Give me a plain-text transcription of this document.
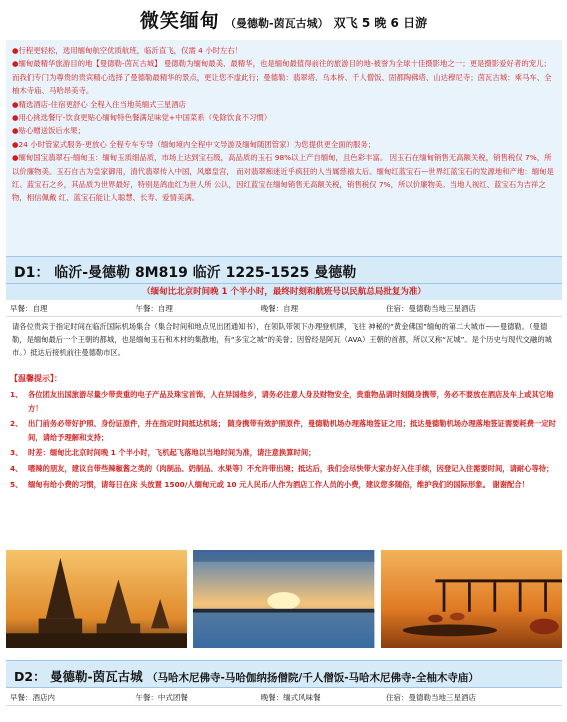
微笑缅甸 （曼德勒-茵瓦古城） 双飞 5 晚 6 日游

●行程更轻松，选用缅甸航空优质航班，临沂直飞，仅需 4 小时左右！

●缅甸最精华旅游目的地【曼德勒-茵瓦古城】 曼德勒为缅甸最美、最精华，也是缅甸最值得前往的旅游目的地-被誉为全球十佳摄影地之一；更是摄影爱好者的宠儿；而我们专门为尊贵的贵宾精心选择了曼德勒最精华的景点，更让您不虚此行；曼德勒：翡翠塔、乌本桥、千人僧饭、固都陶佛塔、山达穆尼寺；茵瓦古城：乘马车、全柚木寺庙、马哈昂美寺。

●精选酒店-住宿更舒心 全程入住当地英缅式三星酒店

●用心挑选餐厅-饮食更贴心缅甸特色餐满足味觉+中国菜系（免除饮食不习惯）

●贴心赠送饭后水果；

●24 小时管家式服务-更放心 全程专车专导（缅甸境内全程中文导游及缅甸随团管家）为您提供更全面的服务；

●缅甸国宝翡翠石-缅甸玉：缅甸玉质细品质，市场上达到宝石级，高品质的玉石 98%以上产自缅甸，且色彩丰富。 因玉石在缅甸销售无高额关税，销售税仅 7%，所以价廉物美。玉石自古为皇家御用，清代翡翠传入中国，风靡皇宫， 而对翡翠痴迷近乎疯狂的人当属慈禧太后。缅甸红蓝宝石—世界红蓝宝石的发源地和产地：缅甸是红、蓝宝石之乡，其品质为世界最好，特别是鸽血红为世人所 公认，因红蓝宝在缅甸销售无高额关税，销售税仅 7%，所以价廉物美。当地人视红、蓝宝石为吉祥之物，相信佩戴 红、蓝宝石能让人聪慧、长寿、爱情美满。

D1： 临沂-曼德勒 8M819 临沂 1225-1525 曼德勒
（缅甸比北京时间晚 1 个半小时，最终时刻和航班号以民航总局批复为准）
早餐：自理	午餐：自理	晚餐：自理	住宿：曼德勒当地三星酒店
请各位贵宾于指定时间在临沂国际机场集合（集合时间和地点见出团通知书），在领队带领下办理登机牌，飞往 神秘的“黄金佛国”缅甸的第二大城市——曼德勒。（曼德勒，是缅甸最后一个王朝的都城，也是缅甸玉石和木材的集散地，有“多宝之城”的美誉；因曾经是阿瓦（AVA）王朝的首都，所以又称“瓦城”。是个历史与现代交融的城市。）抵达后接机前往曼德勒市区。
【温馨提示】：
1、 各位团友出国旅游尽量少带贵重的电子产品及珠宝首饰，人在异国他乡，请务必注意人身及财物安全，贵重物品请时刻随身携带，务必不要放在酒店及车上或其它地方！
2、 出门前务必带好护照、身份证原件，并在指定时间抵达机场； 随身携带有效护照原件，曼德勒机场办理落地签证之用；抵达曼德勒机场办理落地签证需要耗费一定时间，请给予理解和支持；
3、 时差：缅甸比北京时间晚 1 个半小时，飞机起飞落地以当地时间为准，请注意换算时间；
4、 嗜辣的朋友，建议自带些辣椒酱之类的（肉制品、奶制品、水果等）不允许带出境；抵达后，我们会尽快带大家办好入住手续，因登记入住需要时间，请耐心等待；
5、 缅甸有给小费的习惯，请每日在床 头放置 1500/人缅甸元或 10 元人民币/人作为酒店工作人员的小费，建议您多随俗，维护我们的国际形象。 谢谢配合！
D2： 曼德勒-茵瓦古城 （马哈木尼佛寺-马哈伽纳扬僧院/千人僧饭-马哈木尼佛寺-全柚木寺庙）
早餐：酒店内	午餐：中式团餐	晚餐：缅式风味餐	住宿：曼德勒当地三星酒店
